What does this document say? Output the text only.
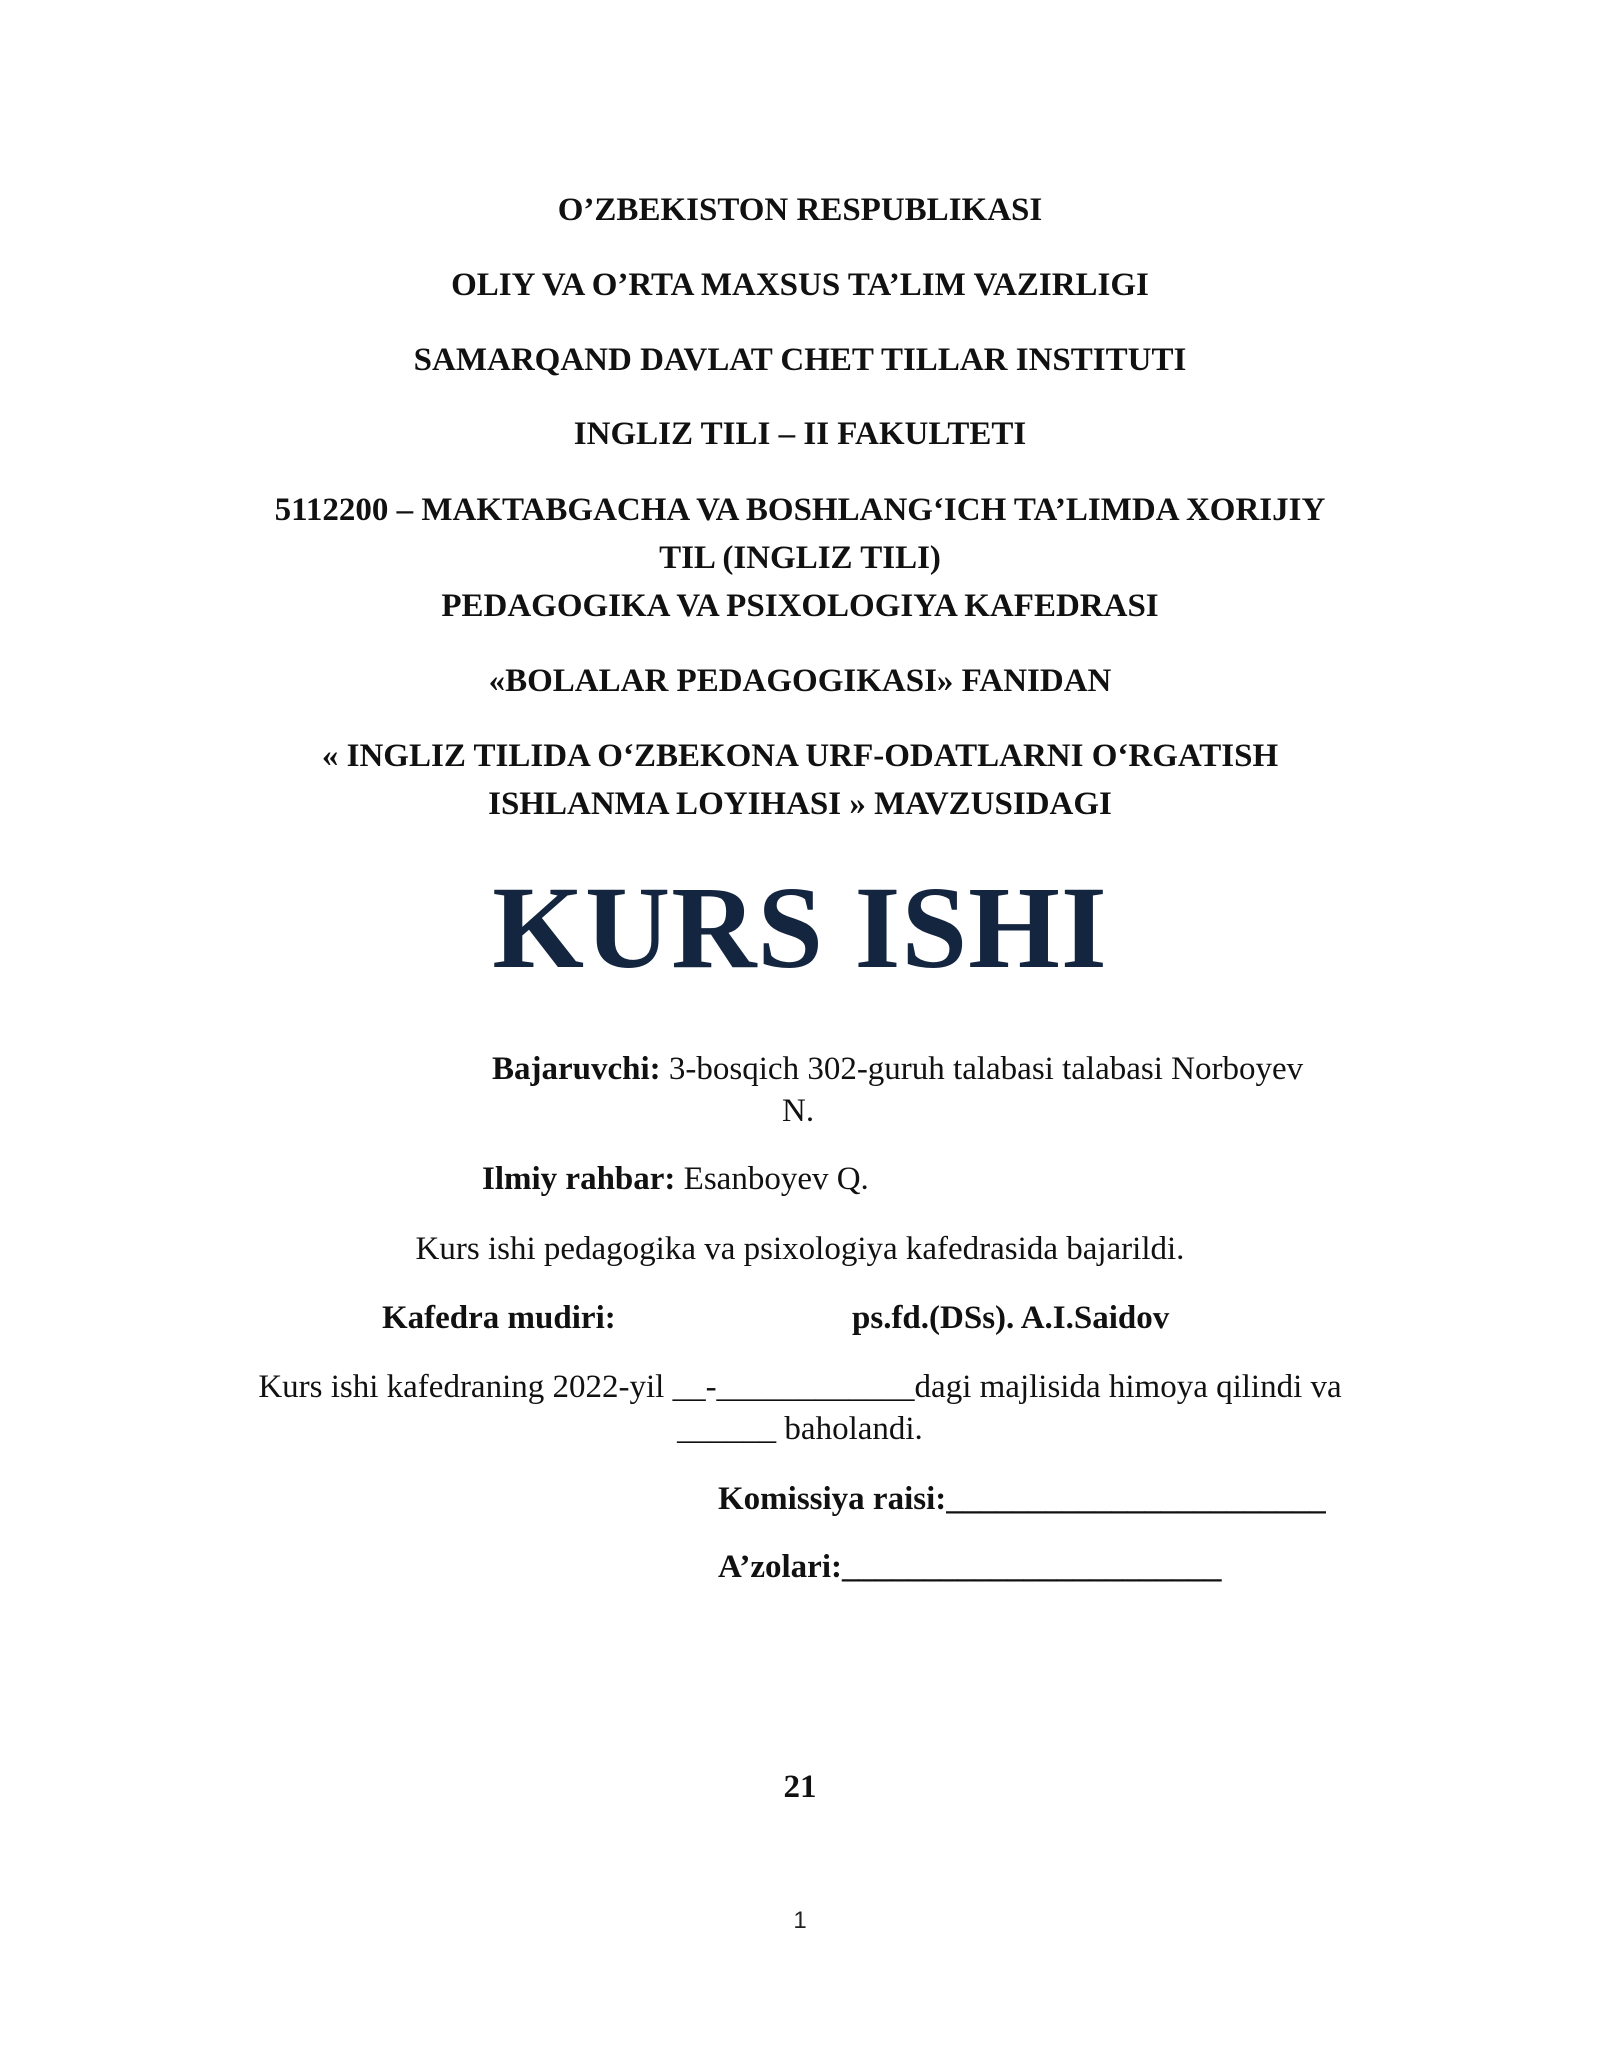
O’ZBEKISTON RESPUBLIKASI
OLIY VA O’RTA MAXSUS TA’LIM VAZIRLIGI
SAMARQAND DAVLAT CHET TILLAR INSTITUTI
INGLIZ TILI – II FAKULTETI
5112200 – MAKTABGACHA VA BOSHLANG‘ICH TA’LIMDA XORIJIY
TIL (INGLIZ TILI)
PEDAGOGIKA VA PSIXOLOGIYA KAFEDRASI
«BOLALAR PEDAGOGIKASI» FANIDAN
« INGLIZ TILIDA O‘ZBEKONA URF-ODATLARNI O‘RGATISH
ISHLANMA LOYIHASI » MAVZUSIDAGI
KURS ISHI
Bajaruvchi: 3-bosqich 302-guruh talabasi talabasi Norboyev
N.
Ilmiy rahbar: Esanboyev Q.
Kurs ishi pedagogika va psixologiya kafedrasida bajarildi.
Kafedra mudiri:	ps.fd.(DSs). A.I.Saidov
Kurs ishi kafedraning 2022-yil __-____________dagi majlisida himoya qilindi va
______ baholandi.
Komissiya raisi:_______________________
A’zolari:_______________________
21
1
